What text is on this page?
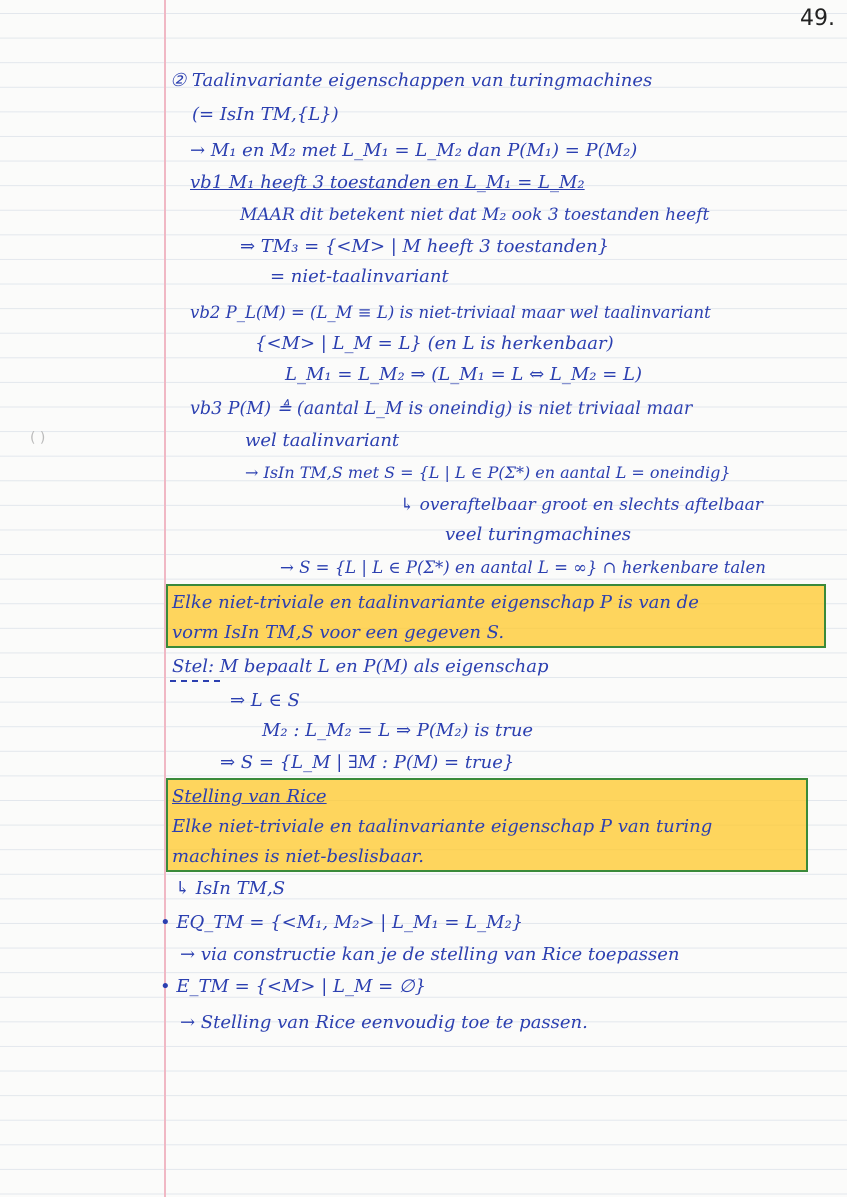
( )
49.
② Taalinvariante eigenschappen van turingmachines
(= IsIn TM,{L})
→ M₁ en M₂ met L_M₁ = L_M₂ dan P(M₁) = P(M₂)
vb1 M₁ heeft 3 toestanden en L_M₁ = L_M₂
MAAR dit betekent niet dat M₂ ook 3 toestanden heeft
⇒ TM₃ = {<M> | M heeft 3 toestanden}
= niet-taalinvariant
vb2 P_L(M) = (L_M ≡ L) is niet-triviaal maar wel taalinvariant
{<M> | L_M = L} (en L is herkenbaar)
L_M₁ = L_M₂ ⇒ (L_M₁ = L ⇔ L_M₂ = L)
vb3 P(M) ≜ (aantal L_M is oneindig) is niet triviaal maar
wel taalinvariant
→ IsIn TM,S met S = {L | L ∈ P(Σ*) en aantal L = oneindig}
↳ overaftelbaar groot en slechts aftelbaar
veel turingmachines
→ S = {L | L ∈ P(Σ*) en aantal L = ∞} ∩ herkenbare talen
Elke niet-triviale en taalinvariante eigenschap P is van de
vorm IsIn TM,S voor een gegeven S.
Stel: M bepaalt L en P(M) als eigenschap
⇒ L ∈ S
M₂ : L_M₂ = L ⇒ P(M₂) is true
⇒ S = {L_M | ∃M : P(M) = true}
Stelling van Rice
Elke niet-triviale en taalinvariante eigenschap P van turing
machines is niet-beslisbaar.
↳ IsIn TM,S
• EQ_TM = {<M₁, M₂> | L_M₁ = L_M₂}
→ via constructie kan je de stelling van Rice toepassen
• E_TM = {<M> | L_M = ∅}
→ Stelling van Rice eenvoudig toe te passen.
